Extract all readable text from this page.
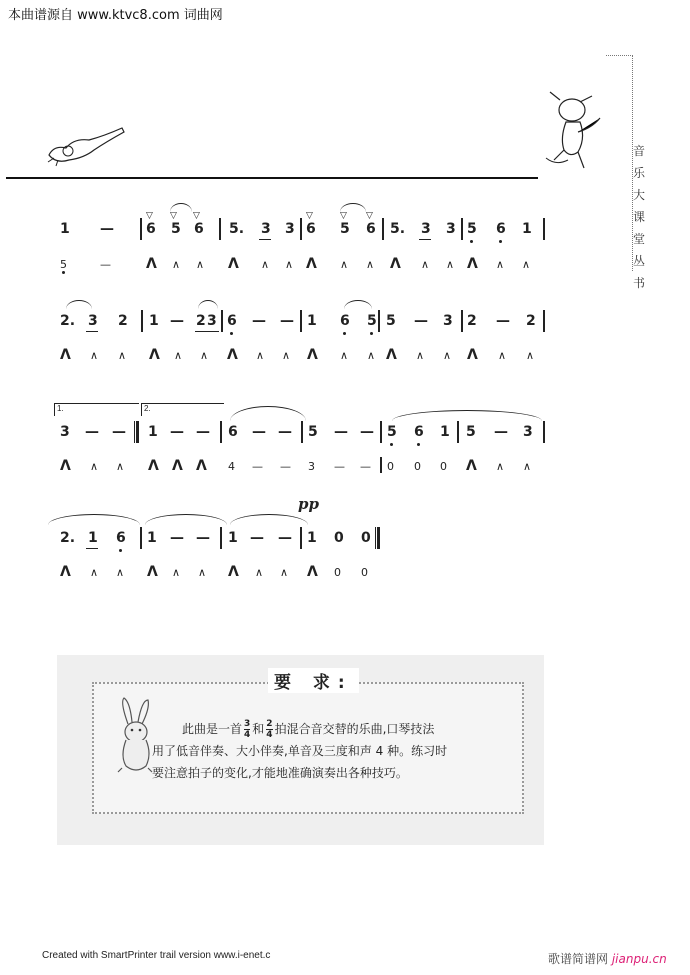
本曲谱源自 www.ktvc8.com 词曲网
音
乐
大
课
堂
丛
书
1 —
▽ ▽ ▽
6 5 6 5. 3 3
▽	▽ ▽
6 5 6 5. 3 3 5 6 1
5	—	Λ ∧ ∧ Λ ∧ ∧ Λ ∧ ∧ Λ ∧ ∧ Λ ∧ ∧
2. 3 2 1 — 2 3 6 — — 1 6 5 5 — 3 2 — 2
Λ ∧ ∧ Λ ∧ ∧ Λ ∧ ∧ Λ ∧ ∧ Λ ∧ ∧ Λ ∧ ∧
1.	2.
3 — — 1 — — 6 — — 5 — — 5 6 1 5 — 3
Λ ∧ ∧ Λ Λ Λ 4 — — 3 — — 0 0 0 Λ ∧ ∧
pp
2. 1 6 1 — — 1 — — 1 0 0
Λ ∧ ∧ Λ ∧ ∧ Λ ∧ ∧ Λ 0 0
要 求:

此曲是一首 $\frac{3}{4}$ 和 $\frac{2}{4}$ 拍混合音交替的乐曲,口琴技法

用了低音伴奏、大小伴奏,单音及三度和声 4 种。练习时
要注意拍子的变化,才能地准确演奏出各种技巧。
Created with SmartPrinter trail version www.i-enet.c	歌谱简谱网 jianpu.cn
